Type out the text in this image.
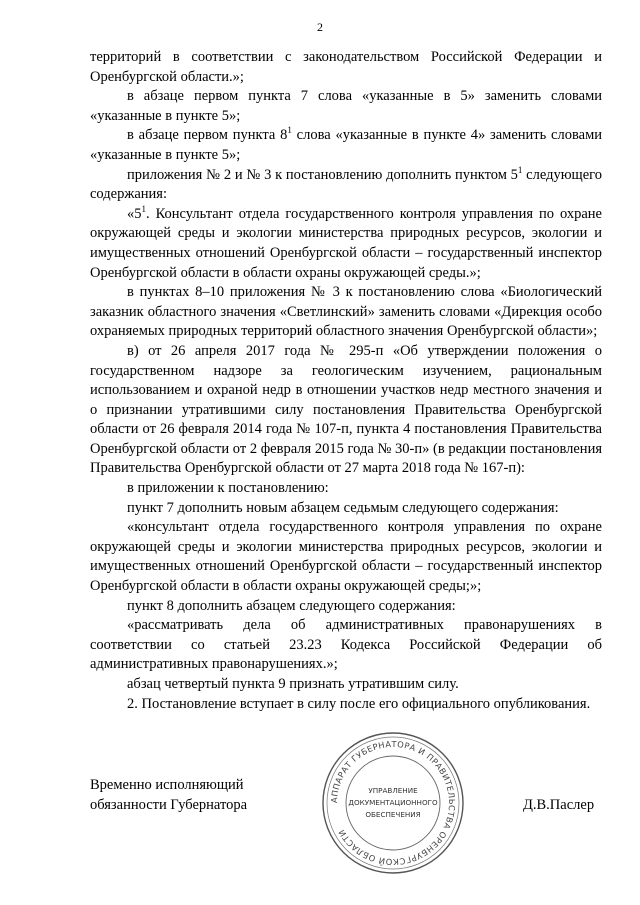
2

территорий в соответствии с законодательством Российской Федерации и Оренбургской области.»;

в абзаце первом пункта 7 слова «указанные в 5» заменить словами «указанные в пункте 5»;

в абзаце первом пункта $8^1$ слова «указанные в пункте 4» заменить словами «указанные в пункте 5»;

приложения № 2 и № 3 к постановлению дополнить пунктом $5^1$ следующего содержания:

«$5^1$. Консультант отдела государственного контроля управления по охране окружающей среды и экологии министерства природных ресурсов, экологии и имущественных отношений Оренбургской области – государственный инспектор Оренбургской области в области охраны окружающей среды.»;

в пунктах 8–10 приложения № 3 к постановлению слова «Биологический заказник областного значения «Светлинский» заменить словами «Дирекция особо охраняемых природных территорий областного значения Оренбургской области»;

в) от 26 апреля 2017 года № 295-п «Об утверждении положения о государственном надзоре за геологическим изучением, рациональным использованием и охраной недр в отношении участков недр местного значения и о признании утратившими силу постановления Правительства Оренбургской области от 26 февраля 2014 года № 107-п, пункта 4 постановления Правительства Оренбургской области от 2 февраля 2015 года № 30-п» (в редакции постановления Правительства Оренбургской области от 27 марта 2018 года № 167-п):

в приложении к постановлению:

пункт 7 дополнить новым абзацем седьмым следующего содержания:

«консультант отдела государственного контроля управления по охране окружающей среды и экологии министерства природных ресурсов, экологии и имущественных отношений Оренбургской области – государственный инспектор Оренбургской области в области охраны окружающей среды;»;

пункт 8 дополнить абзацем следующего содержания:

«рассматривать дела об административных правонарушениях в соответствии со статьей 23.23 Кодекса Российской Федерации об административных правонарушениях.»;

абзац четвертый пункта 9 признать утратившим силу.

2. Постановление вступает в силу после его официального опубликования.

Временно исполняющий
обязанности Губернатора	АППАРАТ ГУБЕРНАТОРА И ПРАВИТЕЛЬСТВА ОРЕНБУРГСКОЙ ОБЛАСТИ
УПРАВЛЕНИЕ
ДОКУМЕНТАЦИОННОГО
ОБЕСПЕЧЕНИЯ
Д.В.Паслер
